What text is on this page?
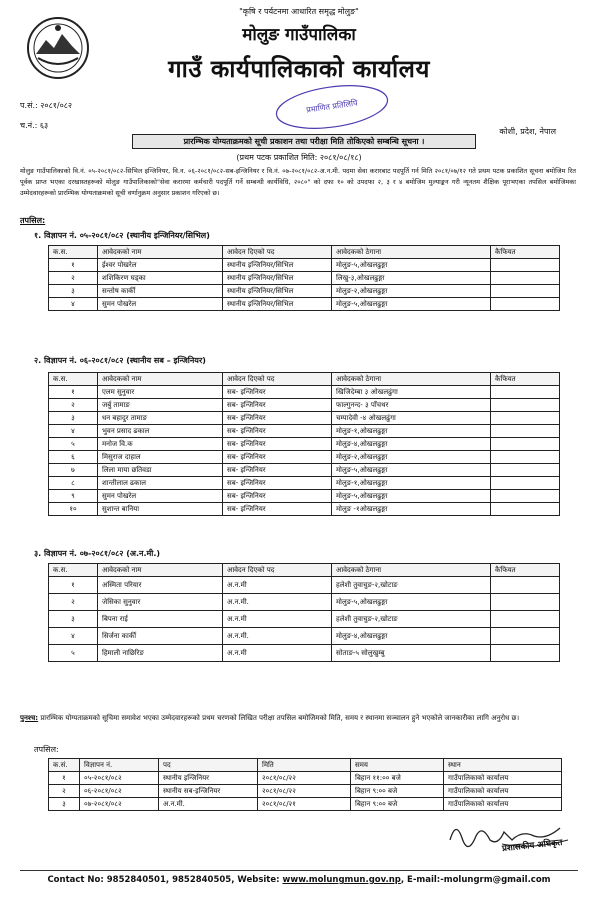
"कृषि र पर्यटनमा आधारित समृद्ध मोलुङ"
मोलुङ गाउँपालिका
गाउँ कार्यपालिकाको कार्यालय
प.सं.: २०८१/०८२
च.नं.: ६३
कोशी, प्रदेश, नेपाल
प्रमाणित प्रतिलिपि
प्रारम्भिक योग्यताक्रमको सूची प्रकाशन तथा परीक्षा मिति तोकिएको सम्बन्धि सूचना ।
(प्रथम पटक प्रकाशित मिति: २०८१/०८/१८)
मोलुङ गाउँपालिकाको वि.नं. ०५-२०८१/०८२-सिभिल इन्जिनियर, वि.न. ०६-२०८१/०८२-सब-इन्जिनियर र वि.नं. ०७-२०८१/०८२-अ.न.मी. पदमा सेवा करारबाट पदपूर्ति गर्न मिति २०८१/०७/१२ गते प्रथम पटक प्रकाशित सूचना बमोजिम रित पूर्वक प्राप्त भएका दरखास्तहरूको मोलुङ गाउँपालिकाको"सेवा करारमा कर्मचारी पदपूर्ति गर्ने सम्बन्धी कार्यविधि, २०८०" को दफा १० को उपदफा २, ३ र ४ बमोजिम मुल्याङ्कन गरी न्यूनतम शैक्षिक पूराभएका तपसिल बमोजिमका उम्मेदवारहरूको प्रारम्भिक योग्यताक्रमको सूची वर्णानुक्रम अनुसार प्रकाशन गरिएको छ।
तपसिल:
१. विज्ञापन नं. ०५-२०८१/०८२ (स्थानीय इन्जिनियर/सिभिल)
क.स.	आवेदकको नाम	आवेदन दिएको पद	आवेदकको ठेगाना	कैफियत
१	ईश्वर पोखरेल	स्थानीय इन्जिनियर/सिभिल	मोलुङ-५,ओखलढुङ्गा	
२	शशिकिरण घड्का	स्थानीय इन्जिनियर/सिभिल	लिखु-३,ओखलढुङ्गा	
३	सन्तोष कार्की	स्थानीय इन्जिनियर/सिभिल	मोलुङ-२,ओखलढुङ्गा	
४	सुमन पोखरेल	स्थानीय इन्जिनियर/सिभिल	मोलुङ-५,ओखलढुङ्गा	
२. विज्ञापन नं. ०६-२०८१/०८२ (स्थानीय सब – इन्जिनियर)
क.स.	आवेदकको नाम	आवेदन दिएको पद	आवेदकको ठेगाना	कैफियत
१	एलम सुनुवार	सब- इन्जिनियर	खिजिदेम्बा ३ ओखलढुंगा	
२	जर्बु तामाङ	सब- इन्जिनियर	फाल्गुनन्द- ३ पाँचथर	
३	धन बहादुर तामाङ	सब- इन्जिनियर	चम्पादेवी -४ ओखलढुंगा	
४	भुवन प्रसाद ढकाल	सब- इन्जिनियर	मोलुङ-१,ओखलढुङ्गा	
५	मनोज वि.क	सब- इन्जिनियर	मोलुङ-४,ओखलढुङ्गा	
६	मिसुराज दाहाल	सब- इन्जिनियर	मोलुङ-२,ओखलढुङ्गा	
७	लिला माया छतिवडा	सब- इन्जिनियर	मोलुङ-५,ओखलढुङ्गा	
८	शान्तीलाल ढकाल	सब- इन्जिनियर	मोलुङ-१,ओखलढुङ्गा	
९	सुमन पोखरेल	सब- इन्जिनियर	मोलुङ-५,ओखलढुङ्गा	
१०	सुशान्त बानिया	सब- इन्जिनियर	मोलुङ -१ओखलढुङ्गा	
३. विज्ञापन नं. ०७-२०८१/०८२ (अ.न.मी.)
क.स.	आवेदकको नाम	आवेदन दिएको पद	आवेदकको ठेगाना	कैफियत
१	अस्मिता परियार	अ.न.मी	हलेशी तुवाचुङ-२,खोटाङ	
२	जेसिका सुनुवार	अ.न.मी.	मोलुङ-५,ओखलढुङ्गा	
३	बिपना राई	अ.न.मी	हलेशी तुवाचुङ-२,खोटाङ	
४	सिर्जना कार्की	अ.न.मी.	मोलुङ-४,ओखलढुङ्गा	
५	हिमाली नाछिरिङ	अ.न.मी	सोताङ-५ सोलुखुम्बु	
पुनश्च: प्रारम्भिक योग्यताक्रमको सूचिमा समावेश भएका उम्मेदवारहरूको प्रथम चरणको लिखित परीक्षा तपसिल बमोजिमको मिति, समय र स्थानमा सञ्चालन हुने भएकोले जानकारीका लागि अनुरोध छ।
तपसिल:
क.सं.	विज्ञापन नं.	पद	मिति	समय	स्थान
१	०५-२०८१/०८२	स्थानीय इन्जिनियर	२०८१/०८/२२	बिहान ११:०० बजे	गाउँपालिकाको कार्यालय
२	०६-२०८१/०८२	स्थानीय सब-इन्जिनियर	२०८१/०८/२२	बिहान ९:०० बजे	गाउँपालिकाको कार्यालय
३	०७-२०८१/०८२	अ.न.मी.	२०८१/०८/२१	बिहान ९:०० बजे	गाउँपालिकाको कार्यालय
प्रशासकीय अधिकृत
Contact No: 9852840501, 9852840505, Website: www.molungmun.gov.np, E-mail:-molungrm@gmail.com
